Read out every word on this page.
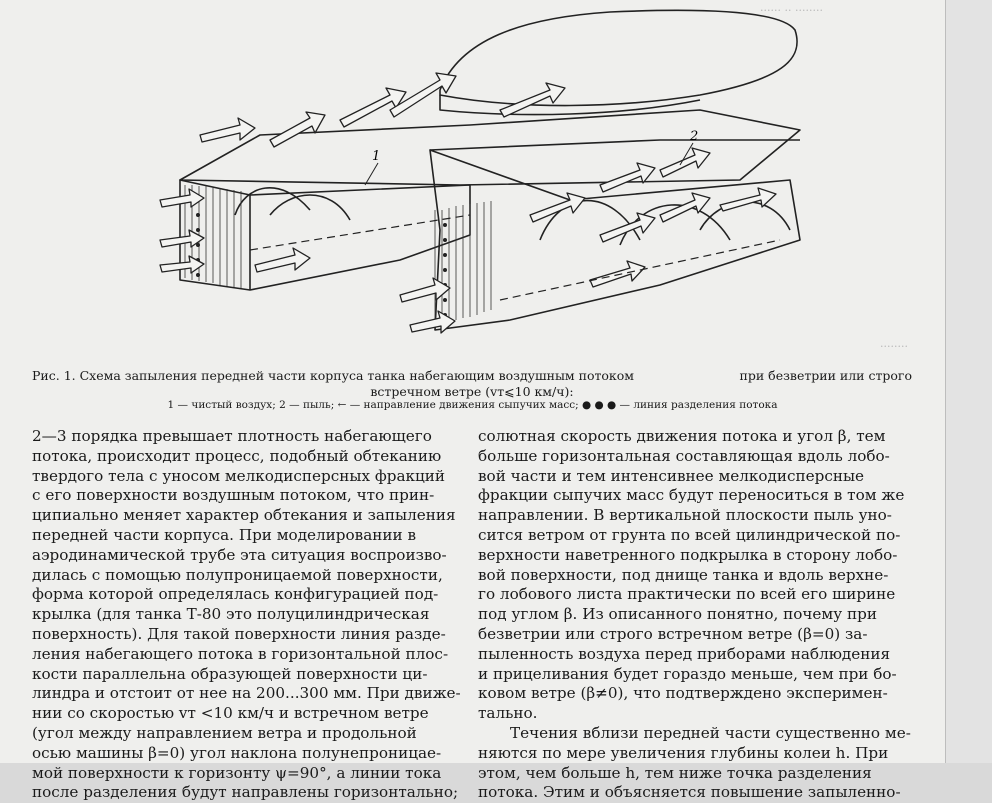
······ ·· ········
········
1
2
Рис. 1. Схема запыления передней части корпуса танка набегающим воздушным потоком	при безветрии или строго
встречном ветре (vт⩽10 км/ч):
1 — чистый воздух; 2 — пыль; ← — направление движения сыпучих масс; ● ● ● — линия разделения потока
2—3 порядка превышает плотность набегающего
потока, происходит процесс, подобный обтеканию
твердого тела с уносом мелкодисперсных фракций
с его поверхности воздушным потоком, что прин-
ципиально меняет характер обтекания и запыления
передней части корпуса. При моделировании в
аэродинамической трубе эта ситуация воспроизво-
дилась с помощью полупроницаемой поверхности,
форма которой определялась конфигурацией под-
крылка (для танка Т-80 это полуцилиндрическая
поверхность). Для такой поверхности линия разде-
ления набегающего потока в горизонтальной плос-
кости параллельна образующей поверхности ци-
линдра и отстоит от нее на 200...300 мм. При движе-
нии со скоростью vт <10 км/ч и встречном ветре
(угол между направлением ветра и продольной
осью машины β=0) угол наклона полунепроницае-
мой поверхности к горизонту ψ=90°, а линии тока
после разделения будут направлены горизонтально;
солютная скорость движения потока и угол β, тем
больше горизонтальная составляющая вдоль лобо-
вой части и тем интенсивнее мелкодисперсные
фракции сыпучих масс будут переноситься в том же
направлении. В вертикальной плоскости пыль уно-
сится ветром от грунта по всей цилиндрической по-
верхности наветренного подкрылка в сторону лобо-
вой поверхности, под днище танка и вдоль верхне-
го лобового листа практически по всей его ширине
под углом β. Из описанного понятно, почему при
безветрии или строго встречном ветре (β=0) за-
пыленность воздуха перед приборами наблюдения
и прицеливания будет гораздо меньше, чем при бо-
ковом ветре (β≠0), что подтверждено эксперимен-
тально.
Течения вблизи передней части существенно ме-
няются по мере увеличения глубины колеи h. При
этом, чем больше h, тем ниже точка разделения
потока. Этим и объясняется повышение запыленно-
